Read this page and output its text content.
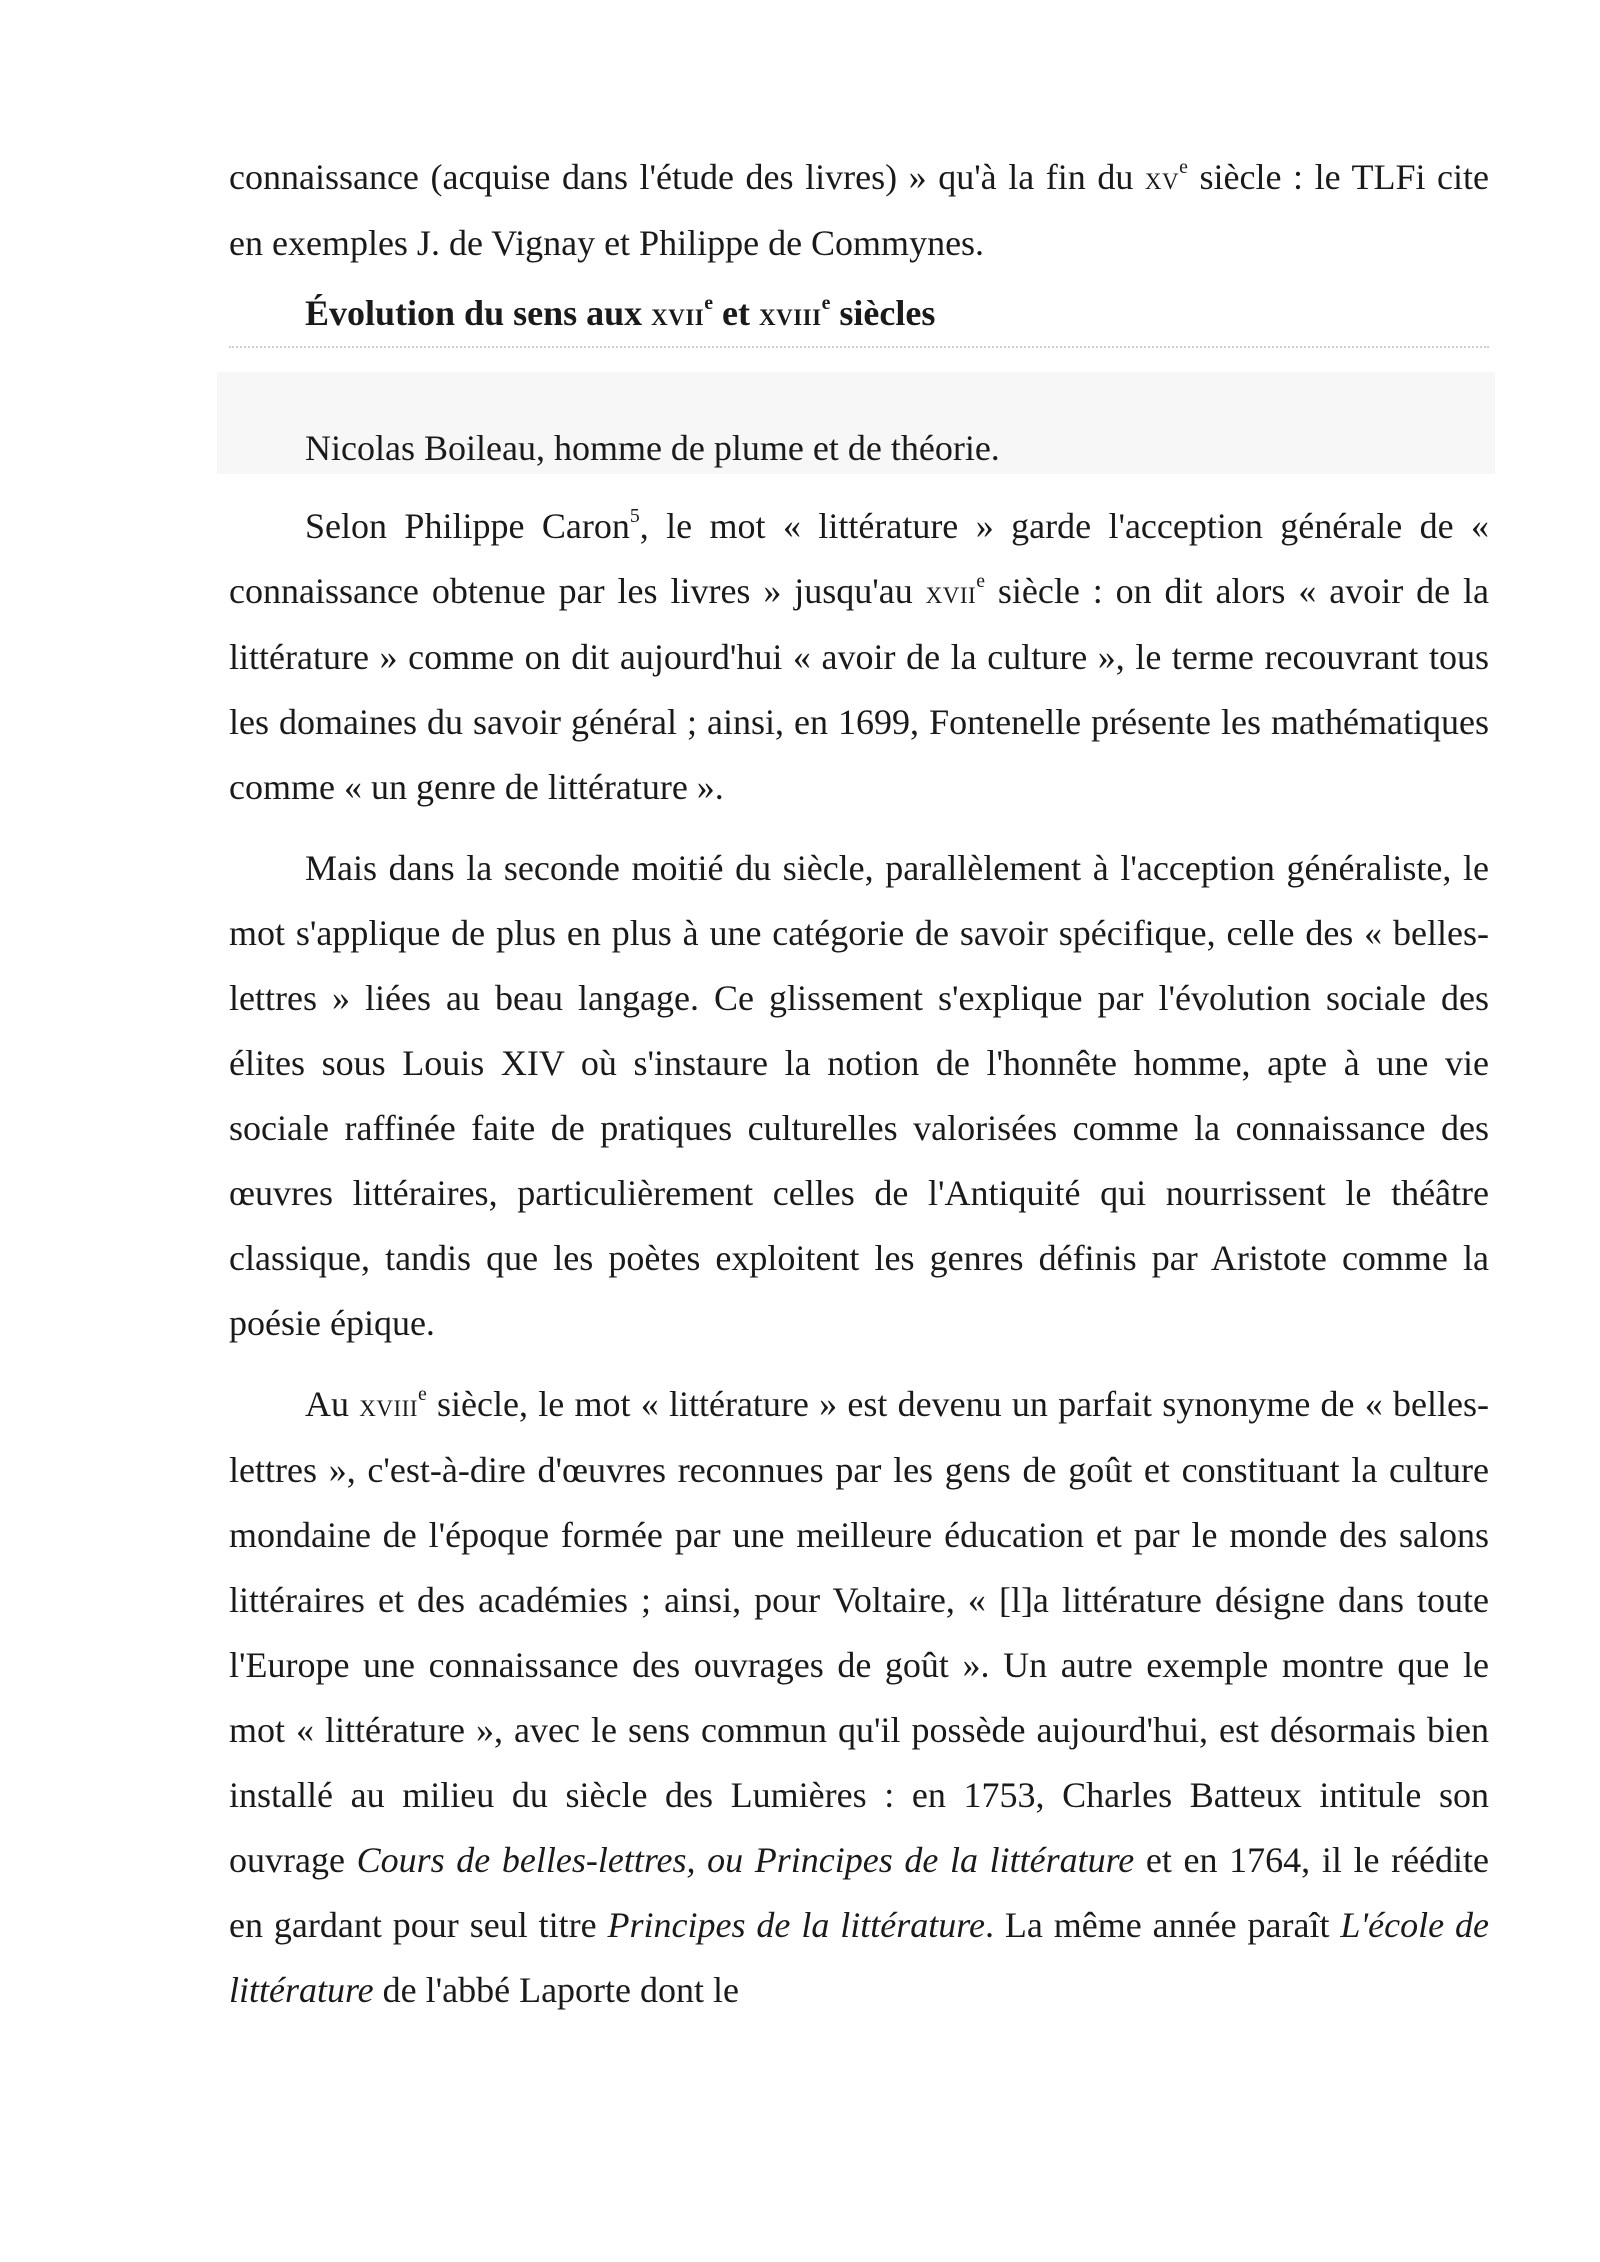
connaissance (acquise dans l'étude des livres) » qu'à la fin du $xv^e$ siècle : le TLFi cite en exemples J. de Vignay et Philippe de Commynes.

Évolution du sens aux xvii$^e$ et xviii$^e$ siècles
Nicolas Boileau, homme de plume et de théorie.

Selon Philippe Caron$^5$, le mot « littérature » garde l'acception générale de « connaissance obtenue par les livres » jusqu'au xvii$^e$ siècle : on dit alors « avoir de la littérature » comme on dit aujourd'hui « avoir de la culture », le terme recouvrant tous les domaines du savoir général ; ainsi, en 1699, Fontenelle présente les mathématiques comme « un genre de littérature ».

Mais dans la seconde moitié du siècle, parallèlement à l'acception généraliste, le mot s'applique de plus en plus à une catégorie de savoir spécifique, celle des « belles-lettres » liées au beau langage. Ce glissement s'explique par l'évolution sociale des élites sous Louis XIV où s'instaure la notion de l'honnête homme, apte à une vie sociale raffinée faite de pratiques culturelles valorisées comme la connaissance des œuvres littéraires, particulièrement celles de l'Antiquité qui nourrissent le théâtre classique, tandis que les poètes exploitent les genres définis par Aristote comme la poésie épique.

Au xviii$^e$ siècle, le mot « littérature » est devenu un parfait synonyme de « belles-lettres », c'est-à-dire d'œuvres reconnues par les gens de goût et constituant la culture mondaine de l'époque formée par une meilleure éducation et par le monde des salons littéraires et des académies ; ainsi, pour Voltaire, « [l]a littérature désigne dans toute l'Europe une connaissance des ouvrages de goût ». Un autre exemple montre que le mot « littérature », avec le sens commun qu'il possède aujourd'hui, est désormais bien installé au milieu du siècle des Lumières : en 1753, Charles Batteux intitule son ouvrage Cours de belles-lettres, ou Principes de la littérature et en 1764, il le réédite en gardant pour seul titre Principes de la littérature. La même année paraît L'école de littérature de l'abbé Laporte dont le
